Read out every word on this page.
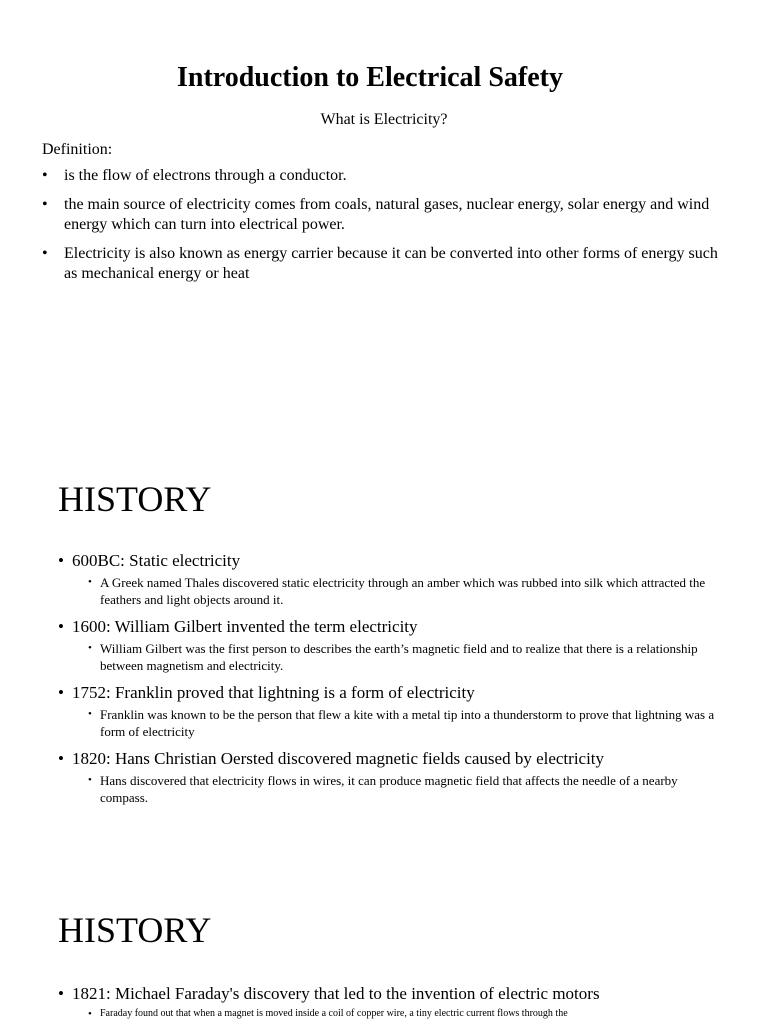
Introduction to Electrical Safety
What is Electricity?
Definition:
• is the flow of electrons through a conductor.
• the main source of electricity comes from coals, natural gases, nuclear energy, solar energy and wind energy which can turn into electrical power.
• Electricity is also known as energy carrier because it can be converted into other forms of energy such as mechanical energy or heat
HISTORY
• 600BC: Static electricity
• A Greek named Thales discovered static electricity through an amber which was rubbed into silk which attracted the feathers and light objects around it.
• 1600: William Gilbert invented the term electricity
• William Gilbert was the first person to describes the earth’s magnetic field and to realize that there is a relationship between magnetism and electricity.
• 1752: Franklin proved that lightning is a form of electricity
• Franklin was known to be the person that flew a kite with a metal tip into a thunderstorm to prove that lightning was a form of electricity
• 1820: Hans Christian Oersted discovered magnetic fields caused by electricity
• Hans discovered that electricity flows in wires, it can produce magnetic field that affects the needle of a nearby compass.
HISTORY
• 1821: Michael Faraday's discovery that led to the invention of electric motors
• Faraday found out that when a magnet is moved inside a coil of copper wire, a tiny electric current flows through the
